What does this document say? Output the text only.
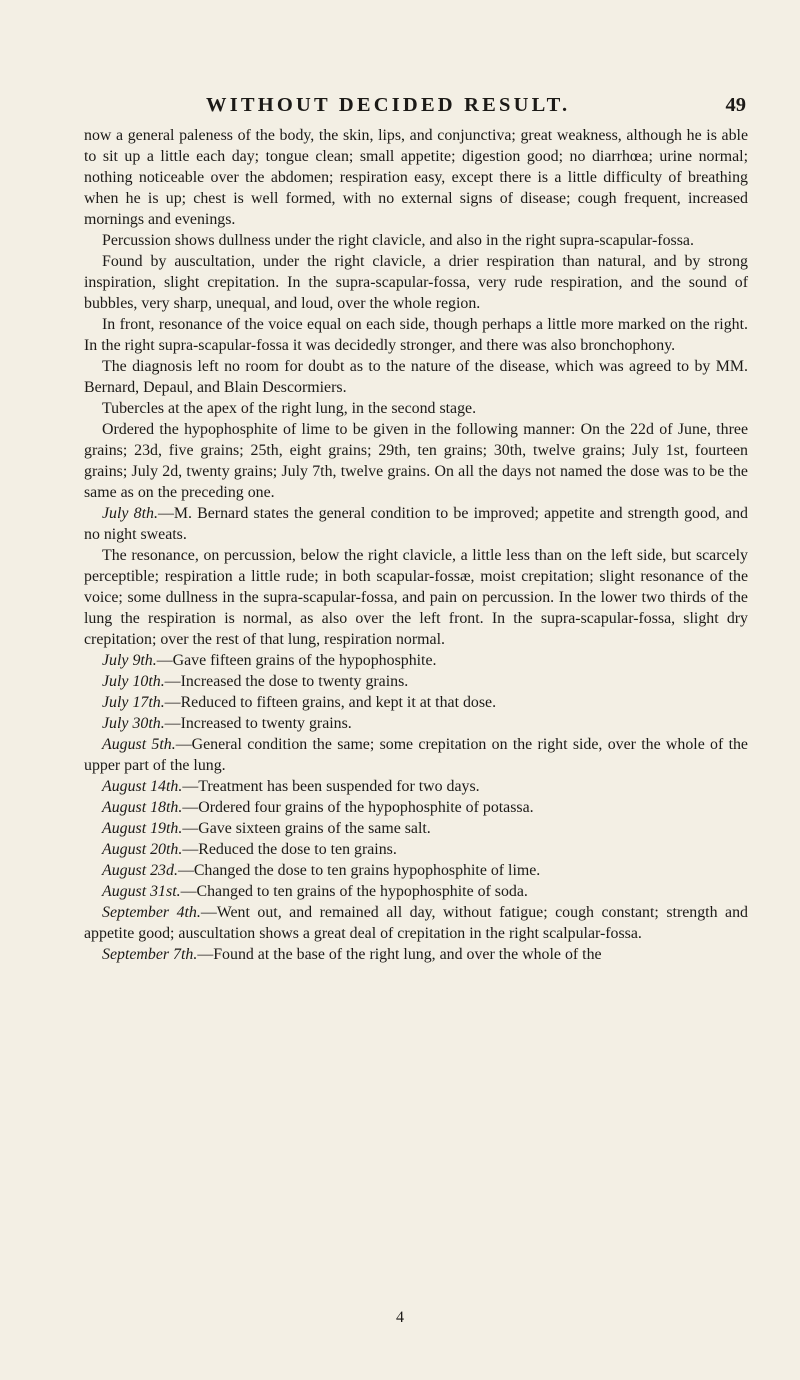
WITHOUT DECIDED RESULT.	49

now a general paleness of the body, the skin, lips, and conjunctiva; great weakness, although he is able to sit up a little each day; tongue clean; small appetite; digestion good; no diarrhœa; urine normal; nothing noticeable over the abdomen; respiration easy, except there is a little difficulty of breathing when he is up; chest is well formed, with no external signs of disease; cough frequent, increased mornings and evenings.

Percussion shows dullness under the right clavicle, and also in the right supra-scapular-fossa.

Found by auscultation, under the right clavicle, a drier respiration than natural, and by strong inspiration, slight crepitation. In the supra-scapular-fossa, very rude respiration, and the sound of bubbles, very sharp, unequal, and loud, over the whole region.

In front, resonance of the voice equal on each side, though perhaps a little more marked on the right. In the right supra-scapular-fossa it was decidedly stronger, and there was also bronchophony.

The diagnosis left no room for doubt as to the nature of the disease, which was agreed to by MM. Bernard, Depaul, and Blain Descormiers.

Tubercles at the apex of the right lung, in the second stage.

Ordered the hypophosphite of lime to be given in the following manner: On the 22d of June, three grains; 23d, five grains; 25th, eight grains; 29th, ten grains; 30th, twelve grains; July 1st, fourteen grains; July 2d, twenty grains; July 7th, twelve grains. On all the days not named the dose was to be the same as on the preceding one.

July 8th.—M. Bernard states the general condition to be improved; appetite and strength good, and no night sweats.

The resonance, on percussion, below the right clavicle, a little less than on the left side, but scarcely perceptible; respiration a little rude; in both scapular-fossæ, moist crepitation; slight resonance of the voice; some dullness in the supra-scapular-fossa, and pain on percussion. In the lower two thirds of the lung the respiration is normal, as also over the left front. In the supra-scapular-fossa, slight dry crepitation; over the rest of that lung, respiration normal.

July 9th.—Gave fifteen grains of the hypophosphite.

July 10th.—Increased the dose to twenty grains.

July 17th.—Reduced to fifteen grains, and kept it at that dose.

July 30th.—Increased to twenty grains.

August 5th.—General condition the same; some crepitation on the right side, over the whole of the upper part of the lung.

August 14th.—Treatment has been suspended for two days.

August 18th.—Ordered four grains of the hypophosphite of potassa.

August 19th.—Gave sixteen grains of the same salt.

August 20th.—Reduced the dose to ten grains.

August 23d.—Changed the dose to ten grains hypophosphite of lime.

August 31st.—Changed to ten grains of the hypophosphite of soda.

September 4th.—Went out, and remained all day, without fatigue; cough constant; strength and appetite good; auscultation shows a great deal of crepitation in the right scalpular-fossa.

September 7th.—Found at the base of the right lung, and over the whole of the

4
